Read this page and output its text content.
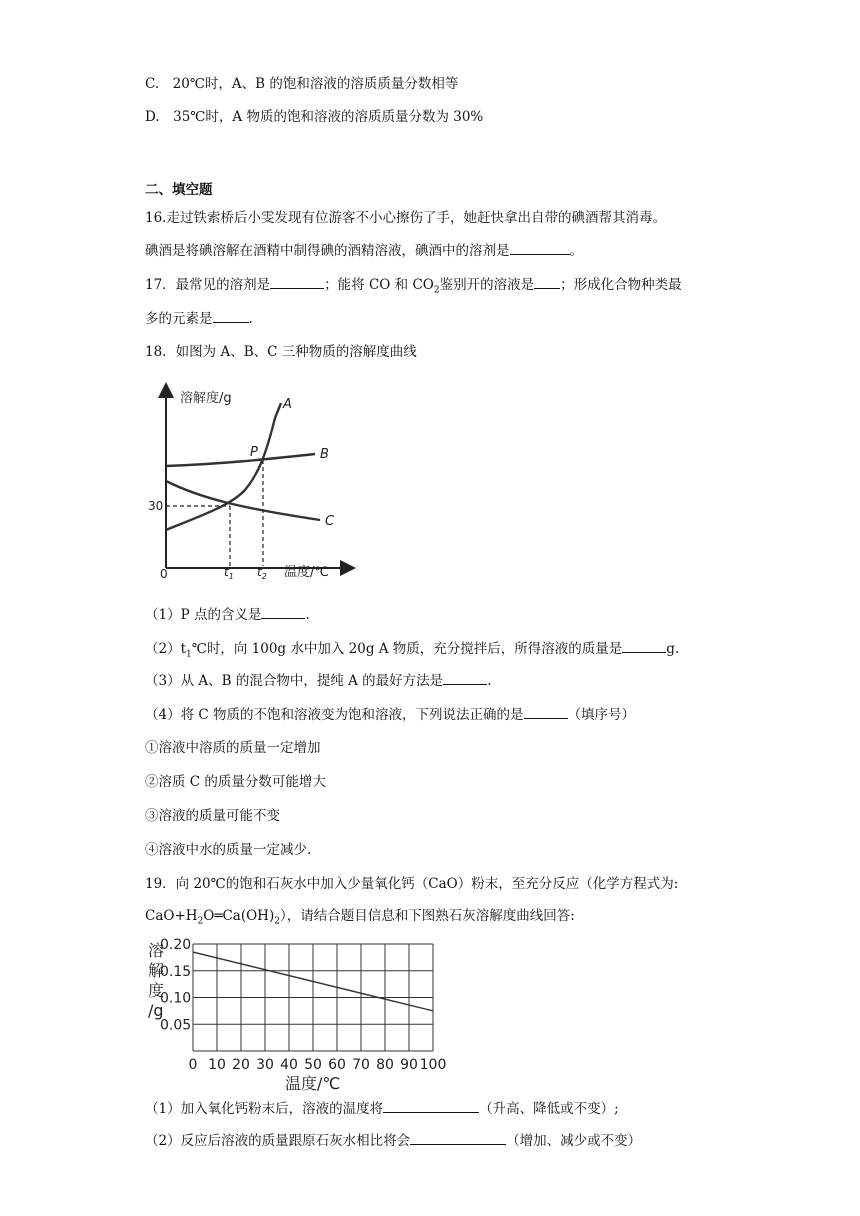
C.　20℃时，A、B 的饱和溶液的溶质质量分数相等
D.　35℃时，A 物质的饱和溶液的溶质质量分数为 30%
二、填空题
16.走过铁索桥后小雯发现有位游客不小心擦伤了手，她赶快拿出自带的碘酒帮其消毒。
碘酒是将碘溶解在酒精中制得碘的酒精溶液，碘酒中的溶剂是	。
17．最常见的溶剂是	；能将 CO 和 $CO_2$鉴别开的溶液是 ；形成化合物种类最
多的元素是	.
18．如图为 A、B、C 三种物质的溶解度曲线
溶解度/g
温度/℃
0
30
A
B
C
P
$t_1$ $t_2$
（1）P 点的含义是	.
$(2)t_1℃$时，向 100g 水中加入 20g A 物质，充分搅拌后，所得溶液的质量是	g.
（3）从 A、B 的混合物中，提纯 A 的最好方法是	.
（4）将 C 物质的不饱和溶液变为饱和溶液，下列说法正确的是	（填序号）
①溶液中溶质的质量一定增加
②溶质 C 的质量分数可能增大
③溶液的质量可能不变
④溶液中水的质量一定减少.
19．向 20℃的饱和石灰水中加入少量氧化钙（CaO）粉末，至充分反应（化学方程式为:
$CaO+H_2O═Ca(OH)_2$），请结合题目信息和下图熟石灰溶解度曲线回答:
0.20
0.15
0.10
0.05
0 10 20 30 40 50 60 70 80 90 100
溶 解 度 /g
温度/℃
（1）加入氧化钙粉末后，溶液的温度将	（升高、降低或不变）;
（2）反应后溶液的质量跟原石灰水相比将会	（增加、减少或不变）
